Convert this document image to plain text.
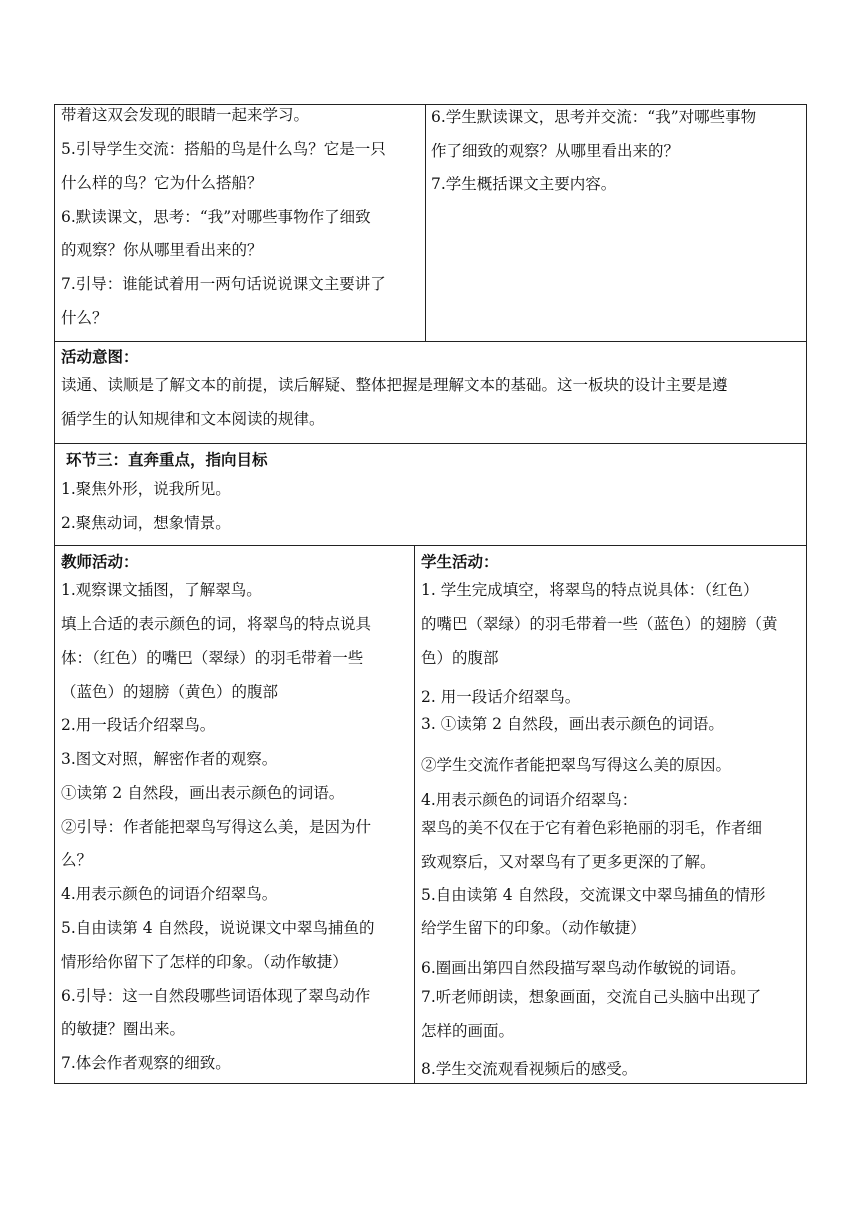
带着这双会发现的眼睛一起来学习。
5.引导学生交流：搭船的鸟是什么鸟？它是一只
什么样的鸟？它为什么搭船？
6.默读课文，思考：“我”对哪些事物作了细致
的观察？你从哪里看出来的？
7.引导：谁能试着用一两句话说说课文主要讲了
什么？
6.学生默读课文，思考并交流：“我”对哪些事物
作了细致的观察？从哪里看出来的？
7.学生概括课文主要内容。
活动意图：
读通、读顺是了解文本的前提，读后解疑、整体把握是理解文本的基础。这一板块的设计主要是遵
循学生的认知规律和文本阅读的规律。
环节三：直奔重点，指向目标
1.聚焦外形，说我所见。
2.聚焦动词，想象情景。
教师活动：
1.观察课文插图，了解翠鸟。
填上合适的表示颜色的词，将翠鸟的特点说具
体：（红色）的嘴巴（翠绿）的羽毛带着一些
（蓝色）的翅膀（黄色）的腹部
2.用一段话介绍翠鸟。
3.图文对照，解密作者的观察。
①读第 2 自然段，画出表示颜色的词语。
②引导：作者能把翠鸟写得这么美，是因为什
么？
4.用表示颜色的词语介绍翠鸟。
5.自由读第 4 自然段，说说课文中翠鸟捕鱼的
情形给你留下了怎样的印象。（动作敏捷）
6.引导：这一自然段哪些词语体现了翠鸟动作
的敏捷？圈出来。
7.体会作者观察的细致。
学生活动：
1. 学生完成填空，将翠鸟的特点说具体：（红色）
的嘴巴（翠绿）的羽毛带着一些（蓝色）的翅膀（黄
色）的腹部
2. 用一段话介绍翠鸟。
3. ①读第 2 自然段，画出表示颜色的词语。
②学生交流作者能把翠鸟写得这么美的原因。
4.用表示颜色的词语介绍翠鸟：
翠鸟的美不仅在于它有着色彩艳丽的羽毛，作者细
致观察后，又对翠鸟有了更多更深的了解。
5.自由读第 4 自然段，交流课文中翠鸟捕鱼的情形
给学生留下的印象。（动作敏捷）
6.圈画出第四自然段描写翠鸟动作敏锐的词语。
7.听老师朗读，想象画面，交流自己头脑中出现了
怎样的画面。
8.学生交流观看视频后的感受。
